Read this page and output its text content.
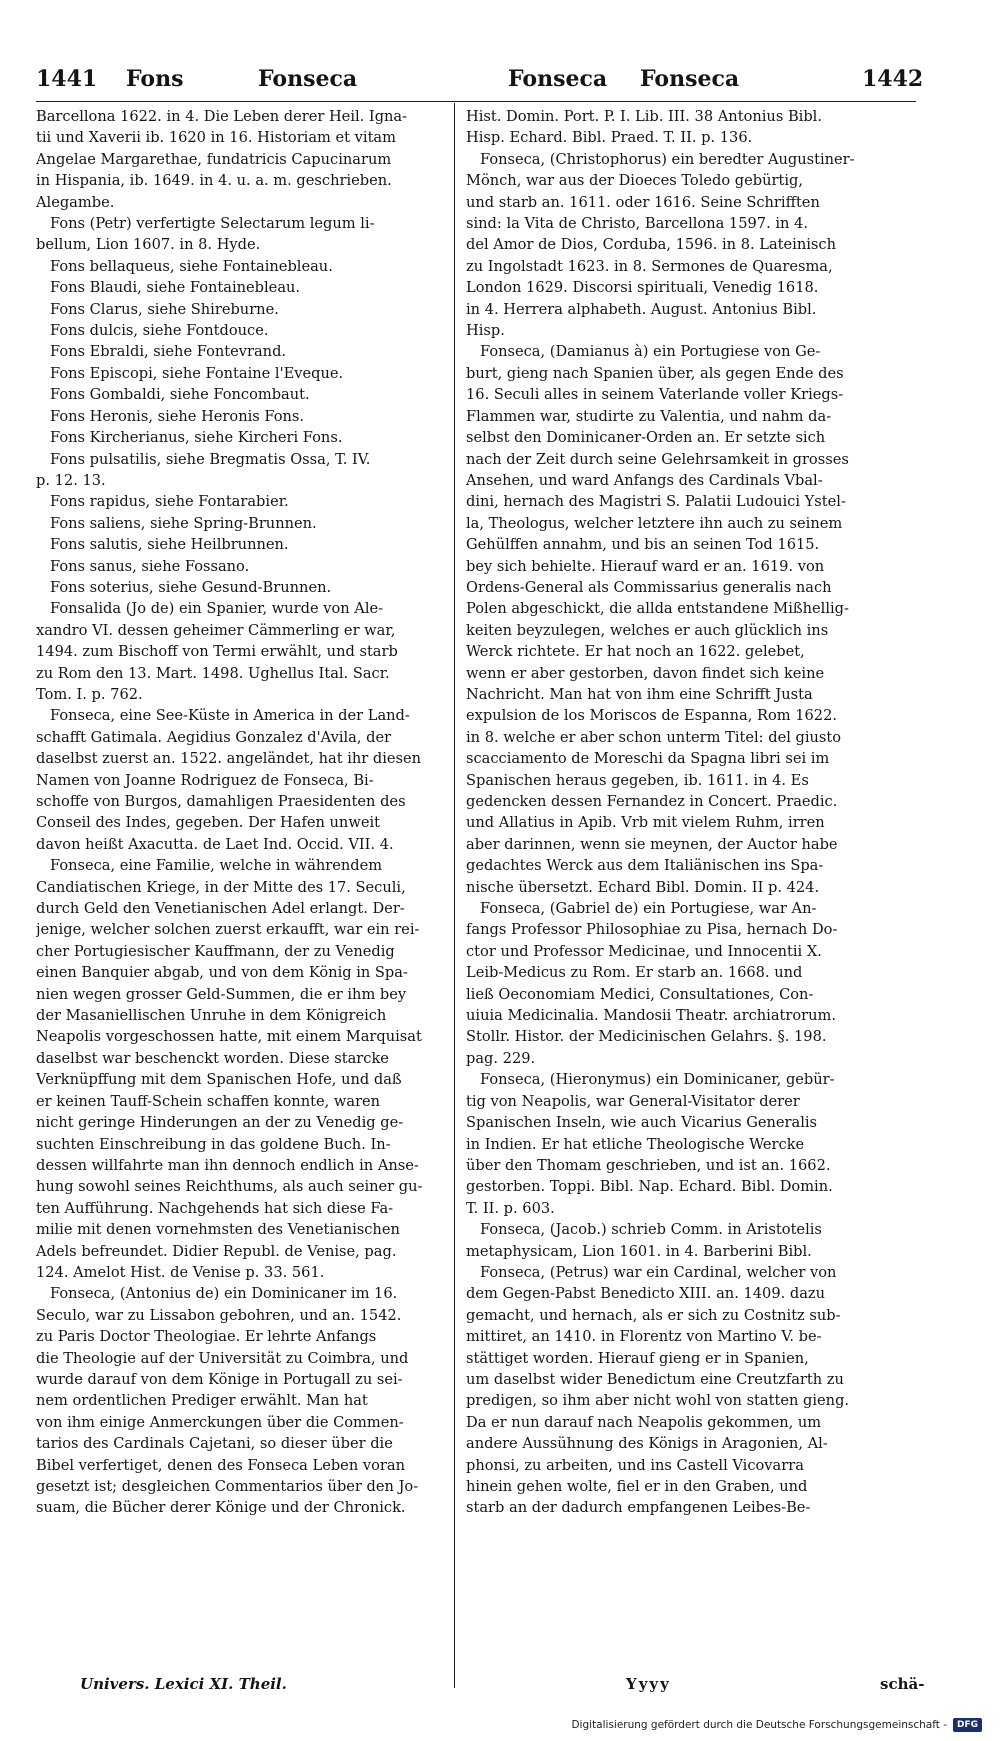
1441 Fons	Fonseca	Fonseca Fonseca	1442
Barcellona 1622. in 4. Die Leben derer Heil. Igna-
tii und Xaverii ib. 1620 in 16. Historiam et vitam
Angelae Margarethae, fundatricis Capucinarum
in Hispania, ib. 1649. in 4. u. a. m. geschrieben.
Alegambe.
Fons (Petr) verfertigte Selectarum legum li-
bellum, Lion 1607. in 8. Hyde.
Fons bellaqueus, siehe Fontainebleau.
Fons Blaudi, siehe Fontainebleau.
Fons Clarus, siehe Shireburne.
Fons dulcis, siehe Fontdouce.
Fons Ebraldi, siehe Fontevrand.
Fons Episcopi, siehe Fontaine l'Eveque.
Fons Gombaldi, siehe Foncombaut.
Fons Heronis, siehe Heronis Fons.
Fons Kircherianus, siehe Kircheri Fons.
Fons pulsatilis, siehe Bregmatis Ossa, T. IV.
p. 12. 13.
Fons rapidus, siehe Fontarabier.
Fons saliens, siehe Spring-Brunnen.
Fons salutis, siehe Heilbrunnen.
Fons sanus, siehe Fossano.
Fons soterius, siehe Gesund-Brunnen.
Fonsalida (Jo de) ein Spanier, wurde von Ale-
xandro VI. dessen geheimer Cämmerling er war,
1494. zum Bischoff von Termi erwählt, und starb
zu Rom den 13. Mart. 1498. Ughellus Ital. Sacr.
Tom. I. p. 762.
Fonseca, eine See-Küste in America in der Land-
schafft Gatimala. Aegidius Gonzalez d'Avila, der
daselbst zuerst an. 1522. angeländet, hat ihr diesen
Namen von Joanne Rodriguez de Fonseca, Bi-
schoffe von Burgos, damahligen Praesidenten des
Conseil des Indes, gegeben. Der Hafen unweit
davon heißt Axacutta. de Laet Ind. Occid. VII. 4.
Fonseca, eine Familie, welche in währendem
Candiatischen Kriege, in der Mitte des 17. Seculi,
durch Geld den Venetianischen Adel erlangt. Der-
jenige, welcher solchen zuerst erkaufft, war ein rei-
cher Portugiesischer Kauffmann, der zu Venedig
einen Banquier abgab, und von dem König in Spa-
nien wegen grosser Geld-Summen, die er ihm bey
der Masaniellischen Unruhe in dem Königreich
Neapolis vorgeschossen hatte, mit einem Marquisat
daselbst war beschenckt worden. Diese starcke
Verknüpffung mit dem Spanischen Hofe, und daß
er keinen Tauff-Schein schaffen konnte, waren
nicht geringe Hinderungen an der zu Venedig ge-
suchten Einschreibung in das goldene Buch. In-
dessen willfahrte man ihn dennoch endlich in Anse-
hung sowohl seines Reichthums, als auch seiner gu-
ten Aufführung. Nachgehends hat sich diese Fa-
milie mit denen vornehmsten des Venetianischen
Adels befreundet. Didier Republ. de Venise, pag.
124. Amelot Hist. de Venise p. 33. 561.
Fonseca, (Antonius de) ein Dominicaner im 16.
Seculo, war zu Lissabon gebohren, und an. 1542.
zu Paris Doctor Theologiae. Er lehrte Anfangs
die Theologie auf der Universität zu Coimbra, und
wurde darauf von dem Könige in Portugall zu sei-
nem ordentlichen Prediger erwählt. Man hat
von ihm einige Anmerckungen über die Commen-
tarios des Cardinals Cajetani, so dieser über die
Bibel verfertiget, denen des Fonseca Leben voran
gesetzt ist; desgleichen Commentarios über den Jo-
suam, die Bücher derer Könige und der Chronick.
Hist. Domin. Port. P. I. Lib. III. 38 Antonius Bibl.
Hisp. Echard. Bibl. Praed. T. II. p. 136.
Fonseca, (Christophorus) ein beredter Augustiner-
Mönch, war aus der Dioeces Toledo gebürtig,
und starb an. 1611. oder 1616. Seine Schrifften
sind: la Vita de Christo, Barcellona 1597. in 4.
del Amor de Dios, Corduba, 1596. in 8. Lateinisch
zu Ingolstadt 1623. in 8. Sermones de Quaresma,
London 1629. Discorsi spirituali, Venedig 1618.
in 4. Herrera alphabeth. August. Antonius Bibl.
Hisp.
Fonseca, (Damianus à) ein Portugiese von Ge-
burt, gieng nach Spanien über, als gegen Ende des
16. Seculi alles in seinem Vaterlande voller Kriegs-
Flammen war, studirte zu Valentia, und nahm da-
selbst den Dominicaner-Orden an. Er setzte sich
nach der Zeit durch seine Gelehrsamkeit in grosses
Ansehen, und ward Anfangs des Cardinals Vbal-
dini, hernach des Magistri S. Palatii Ludouici Ystel-
la, Theologus, welcher letztere ihn auch zu seinem
Gehülffen annahm, und bis an seinen Tod 1615.
bey sich behielte. Hierauf ward er an. 1619. von
Ordens-General als Commissarius generalis nach
Polen abgeschickt, die allda entstandene Mißhellig-
keiten beyzulegen, welches er auch glücklich ins
Werck richtete. Er hat noch an 1622. gelebet,
wenn er aber gestorben, davon findet sich keine
Nachricht. Man hat von ihm eine Schrifft Justa
expulsion de los Moriscos de Espanna, Rom 1622.
in 8. welche er aber schon unterm Titel: del giusto
scacciamento de Moreschi da Spagna libri sei im
Spanischen heraus gegeben, ib. 1611. in 4. Es
gedencken dessen Fernandez in Concert. Praedic.
und Allatius in Apib. Vrb mit vielem Ruhm, irren
aber darinnen, wenn sie meynen, der Auctor habe
gedachtes Werck aus dem Italiänischen ins Spa-
nische übersetzt. Echard Bibl. Domin. II p. 424.
Fonseca, (Gabriel de) ein Portugiese, war An-
fangs Professor Philosophiae zu Pisa, hernach Do-
ctor und Professor Medicinae, und Innocentii X.
Leib-Medicus zu Rom. Er starb an. 1668. und
ließ Oeconomiam Medici, Consultationes, Con-
uiuia Medicinalia. Mandosii Theatr. archiatrorum.
Stollr. Histor. der Medicinischen Gelahrs. §. 198.
pag. 229.
Fonseca, (Hieronymus) ein Dominicaner, gebür-
tig von Neapolis, war General-Visitator derer
Spanischen Inseln, wie auch Vicarius Generalis
in Indien. Er hat etliche Theologische Wercke
über den Thomam geschrieben, und ist an. 1662.
gestorben. Toppi. Bibl. Nap. Echard. Bibl. Domin.
T. II. p. 603.
Fonseca, (Jacob.) schrieb Comm. in Aristotelis
metaphysicam, Lion 1601. in 4. Barberini Bibl.
Fonseca, (Petrus) war ein Cardinal, welcher von
dem Gegen-Pabst Benedicto XIII. an. 1409. dazu
gemacht, und hernach, als er sich zu Costnitz sub-
mittiret, an 1410. in Florentz von Martino V. be-
stättiget worden. Hierauf gieng er in Spanien,
um daselbst wider Benedictum eine Creutzfarth zu
predigen, so ihm aber nicht wohl von statten gieng.
Da er nun darauf nach Neapolis gekommen, um
andere Aussühnung des Königs in Aragonien, Al-
phonsi, zu arbeiten, und ins Castell Vicovarra
hinein gehen wolte, fiel er in den Graben, und
starb an der dadurch empfangenen Leibes-Be-
Univers. Lexici XI. Theil.	Yyyy	schä-
Digitalisierung gefördert durch die Deutsche Forschungsgemeinschaft -	DFG
